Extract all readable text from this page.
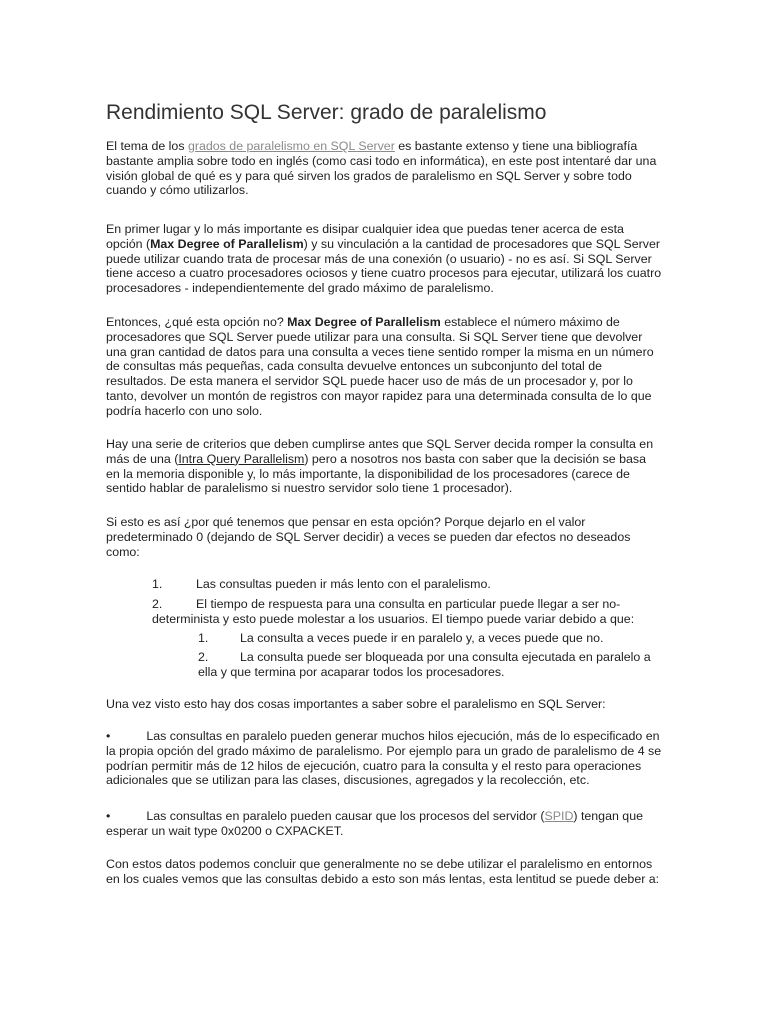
Rendimiento SQL Server: grado de paralelismo

El tema de los grados de paralelismo en SQL Server es bastante extenso y tiene una bibliografía bastante amplia sobre todo en inglés (como casi todo en informática), en este post intentaré dar una visión global de qué es y para qué sirven los grados de paralelismo en SQL Server y sobre todo cuando y cómo utilizarlos.

En primer lugar y lo más importante es disipar cualquier idea que puedas tener acerca de esta opción (Max Degree of Parallelism) y su vinculación a la cantidad de procesadores que SQL Server puede utilizar cuando trata de procesar más de una conexión (o usuario) - no es así. Si SQL Server tiene acceso a cuatro procesadores ociosos y tiene cuatro procesos para ejecutar, utilizará los cuatro procesadores - independientemente del grado máximo de paralelismo.

Entonces, ¿qué esta opción no? Max Degree of Parallelism establece el número máximo de procesadores que SQL Server puede utilizar para una consulta. Si SQL Server tiene que devolver una gran cantidad de datos para una consulta a veces tiene sentido romper la misma en un número de consultas más pequeñas, cada consulta devuelve entonces un subconjunto del total de resultados. De esta manera el servidor SQL puede hacer uso de más de un procesador y, por lo tanto, devolver un montón de registros con mayor rapidez para una determinada consulta de lo que podría hacerlo con uno solo.

Hay una serie de criterios que deben cumplirse antes que SQL Server decida romper la consulta en más de una (Intra Query Parallelism) pero a nosotros nos basta con saber que la decisión se basa en la memoria disponible y, lo más importante, la disponibilidad de los procesadores (carece de sentido hablar de paralelismo si nuestro servidor solo tiene 1 procesador).

Si esto es así ¿por qué tenemos que pensar en esta opción? Porque dejarlo en el valor predeterminado 0 (dejando de SQL Server decidir) a veces se pueden dar efectos no deseados como:

1.	Las consultas pueden ir más lento con el paralelismo.
2.	El tiempo de respuesta para una consulta en particular puede llegar a ser no-determinista y esto puede molestar a los usuarios. El tiempo puede variar debido a que:
1.	La consulta a veces puede ir en paralelo y, a veces puede que no.
2.	La consulta puede ser bloqueada por una consulta ejecutada en paralelo a ella y que termina por acaparar todos los procesadores.

Una vez visto esto hay dos cosas importantes a saber sobre el paralelismo en SQL Server:

•	Las consultas en paralelo pueden generar muchos hilos ejecución, más de lo especificado en la propia opción del grado máximo de paralelismo. Por ejemplo para un grado de paralelismo de 4 se podrían permitir más de 12 hilos de ejecución, cuatro para la consulta y el resto para operaciones adicionales que se utilizan para las clases, discusiones, agregados y la recolección, etc.

•	Las consultas en paralelo pueden causar que los procesos del servidor (SPID) tengan que esperar un wait type 0x0200 o CXPACKET.

Con estos datos podemos concluir que generalmente no se debe utilizar el paralelismo en entornos en los cuales vemos que las consultas debido a esto son más lentas, esta lentitud se puede deber a:
